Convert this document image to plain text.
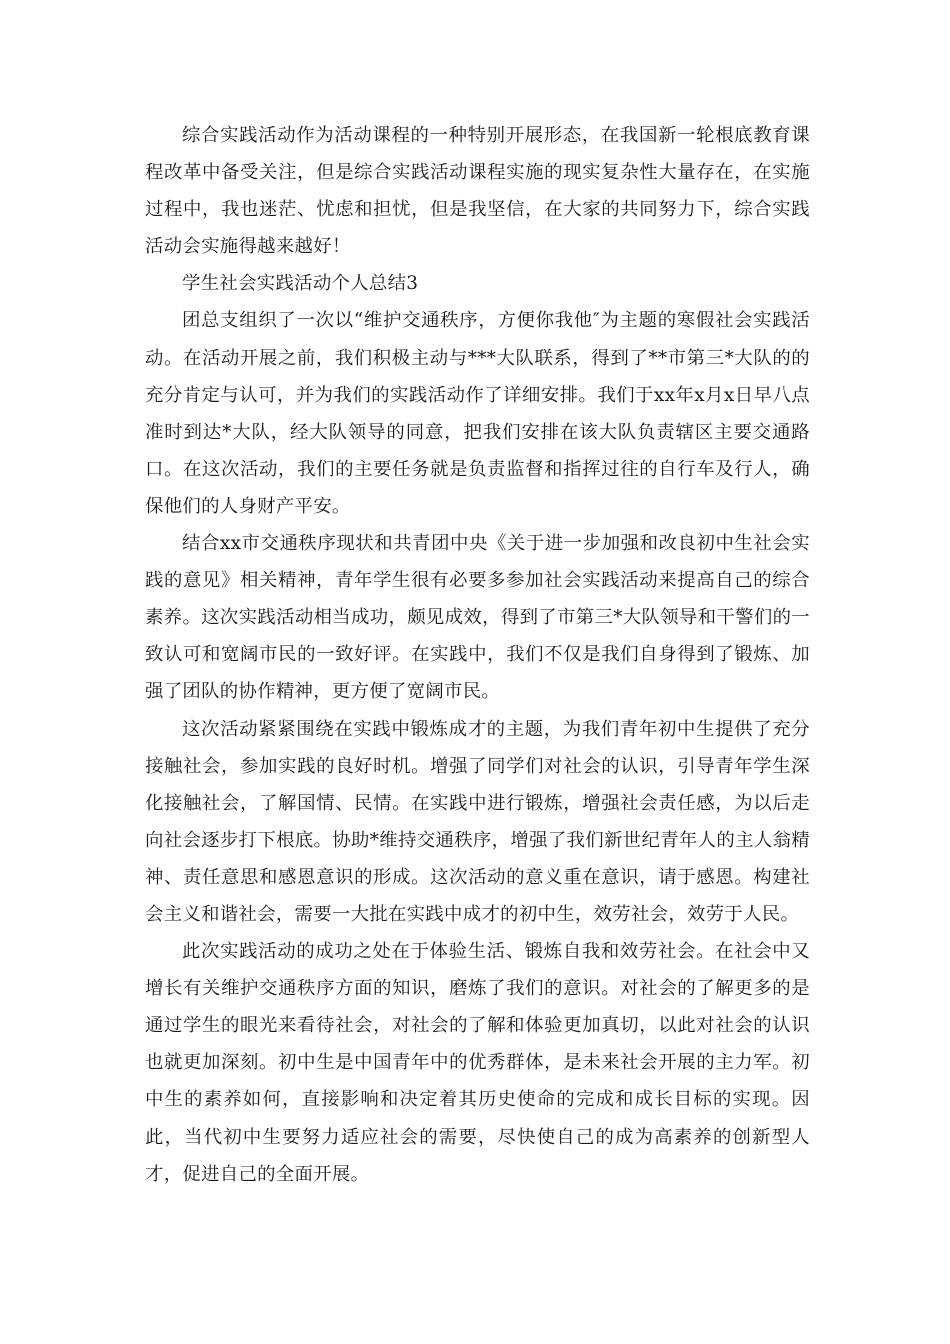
综合实践活动作为活动课程的一种特别开展形态，在我国新一轮根底教育课程改革中备受关注，但是综合实践活动课程实施的现实复杂性大量存在，在实施过程中，我也迷茫、忧虑和担忧，但是我坚信，在大家的共同努力下，综合实践活动会实施得越来越好！

学生社会实践活动个人总结3

团总支组织了一次以“维护交通秩序，方便你我他″为主题的寒假社会实践活动。在活动开展之前，我们积极主动与***大队联系，得到了**市第三*大队的的充分肯定与认可，并为我们的实践活动作了详细安排。我们于xx年x月x日早八点准时到达*大队，经大队领导的同意，把我们安排在该大队负责辖区主要交通路口。在这次活动，我们的主要任务就是负责监督和指挥过往的自行车及行人，确保他们的人身财产平安。

结合xx市交通秩序现状和共青团中央《关于进一步加强和改良初中生社会实践的意见》相关精神，青年学生很有必要多参加社会实践活动来提高自己的综合素养。这次实践活动相当成功，颇见成效，得到了市第三*大队领导和干警们的一致认可和宽阔市民的一致好评。在实践中，我们不仅是我们自身得到了锻炼、加强了团队的协作精神，更方便了宽阔市民。

这次活动紧紧围绕在实践中锻炼成才的主题，为我们青年初中生提供了充分接触社会，参加实践的良好时机。增强了同学们对社会的认识，引导青年学生深化接触社会，了解国情、民情。在实践中进行锻炼，增强社会责任感，为以后走向社会逐步打下根底。协助*维持交通秩序，增强了我们新世纪青年人的主人翁精神、责任意思和感恩意识的形成。这次活动的意义重在意识，请于感恩。构建社会主义和谐社会，需要一大批在实践中成才的初中生，效劳社会，效劳于人民。

此次实践活动的成功之处在于体验生活、锻炼自我和效劳社会。在社会中又增长有关维护交通秩序方面的知识，磨炼了我们的意识。对社会的了解更多的是通过学生的眼光来看待社会，对社会的了解和体验更加真切，以此对社会的认识也就更加深刻。初中生是中国青年中的优秀群体，是未来社会开展的主力军。初中生的素养如何，直接影响和决定着其历史使命的完成和成长目标的实现。因此，当代初中生要努力适应社会的需要，尽快使自己的成为高素养的创新型人才，促进自己的全面开展。
